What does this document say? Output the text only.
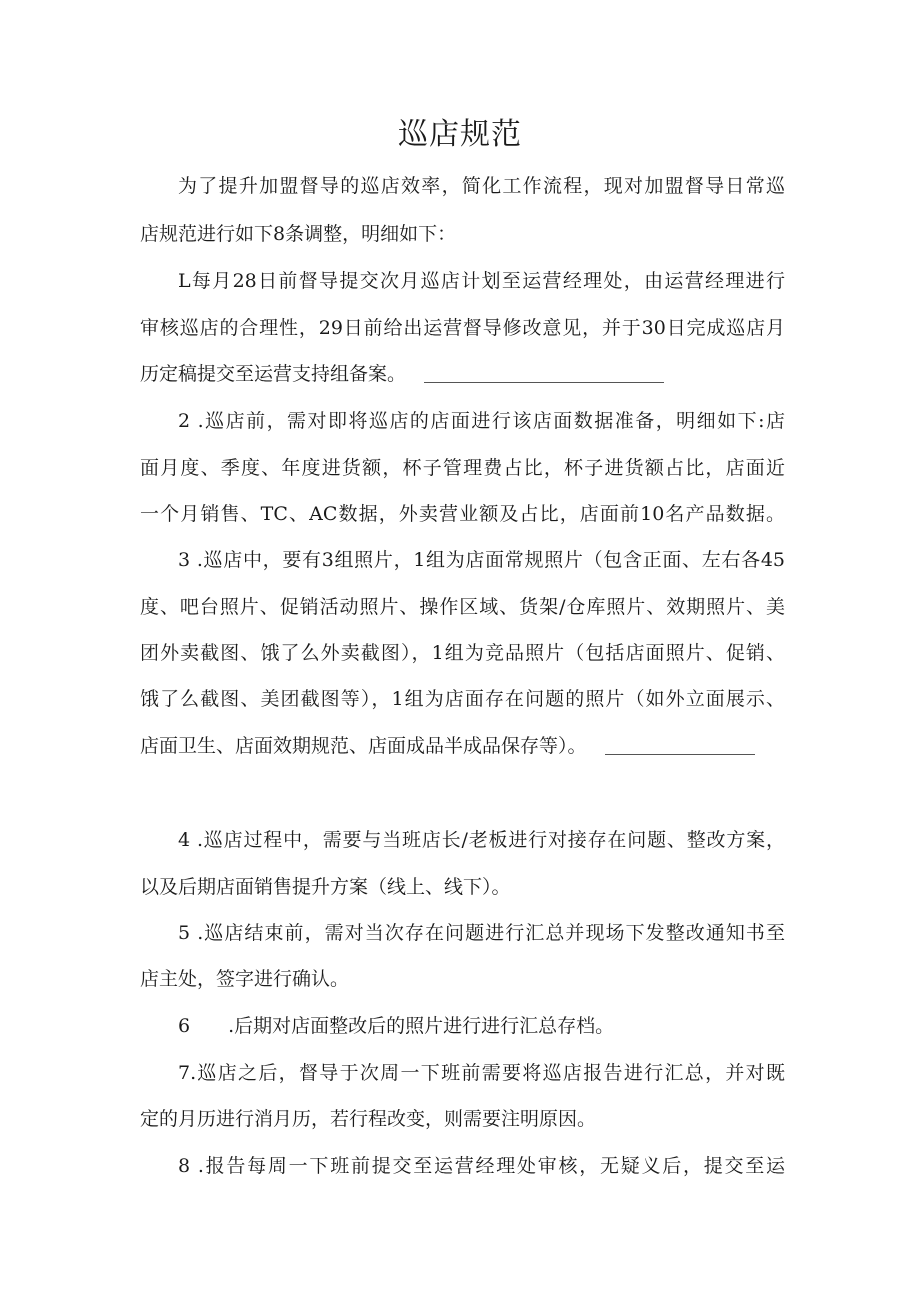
巡店规范

为了提升加盟督导的巡店效率，简化工作流程，现对加盟督导日常巡

店规范进行如下8条调整，明细如下：

L每月28日前督导提交次月巡店计划至运营经理处，由运营经理进行

审核巡店的合理性，29日前给出运营督导修改意见，并于30日完成巡店月

历定稿提交至运营支持组备案。

2 .巡店前，需对即将巡店的店面进行该店面数据准备，明细如下:店

面月度、季度、年度进货额，杯子管理费占比，杯子进货额占比，店面近

一个月销售、TC、AC数据，外卖营业额及占比，店面前10名产品数据。

3 .巡店中，要有3组照片，1组为店面常规照片（包含正面、左右各45

度、吧台照片、促销活动照片、操作区域、货架/仓库照片、效期照片、美

团外卖截图、饿了么外卖截图），1组为竞品照片（包括店面照片、促销、

饿了么截图、美团截图等），1组为店面存在问题的照片（如外立面展示、

店面卫生、店面效期规范、店面成品半成品保存等）。

4 .巡店过程中，需要与当班店长/老板进行对接存在问题、整改方案，

以及后期店面销售提升方案（线上、线下）。

5 .巡店结束前，需对当次存在问题进行汇总并现场下发整改通知书至

店主处，签字进行确认。

6　　.后期对店面整改后的照片进行进行汇总存档。

7.巡店之后，督导于次周一下班前需要将巡店报告进行汇总，并对既

定的月历进行消月历，若行程改变，则需要注明原因。

8 .报告每周一下班前提交至运营经理处审核，无疑义后，提交至运
